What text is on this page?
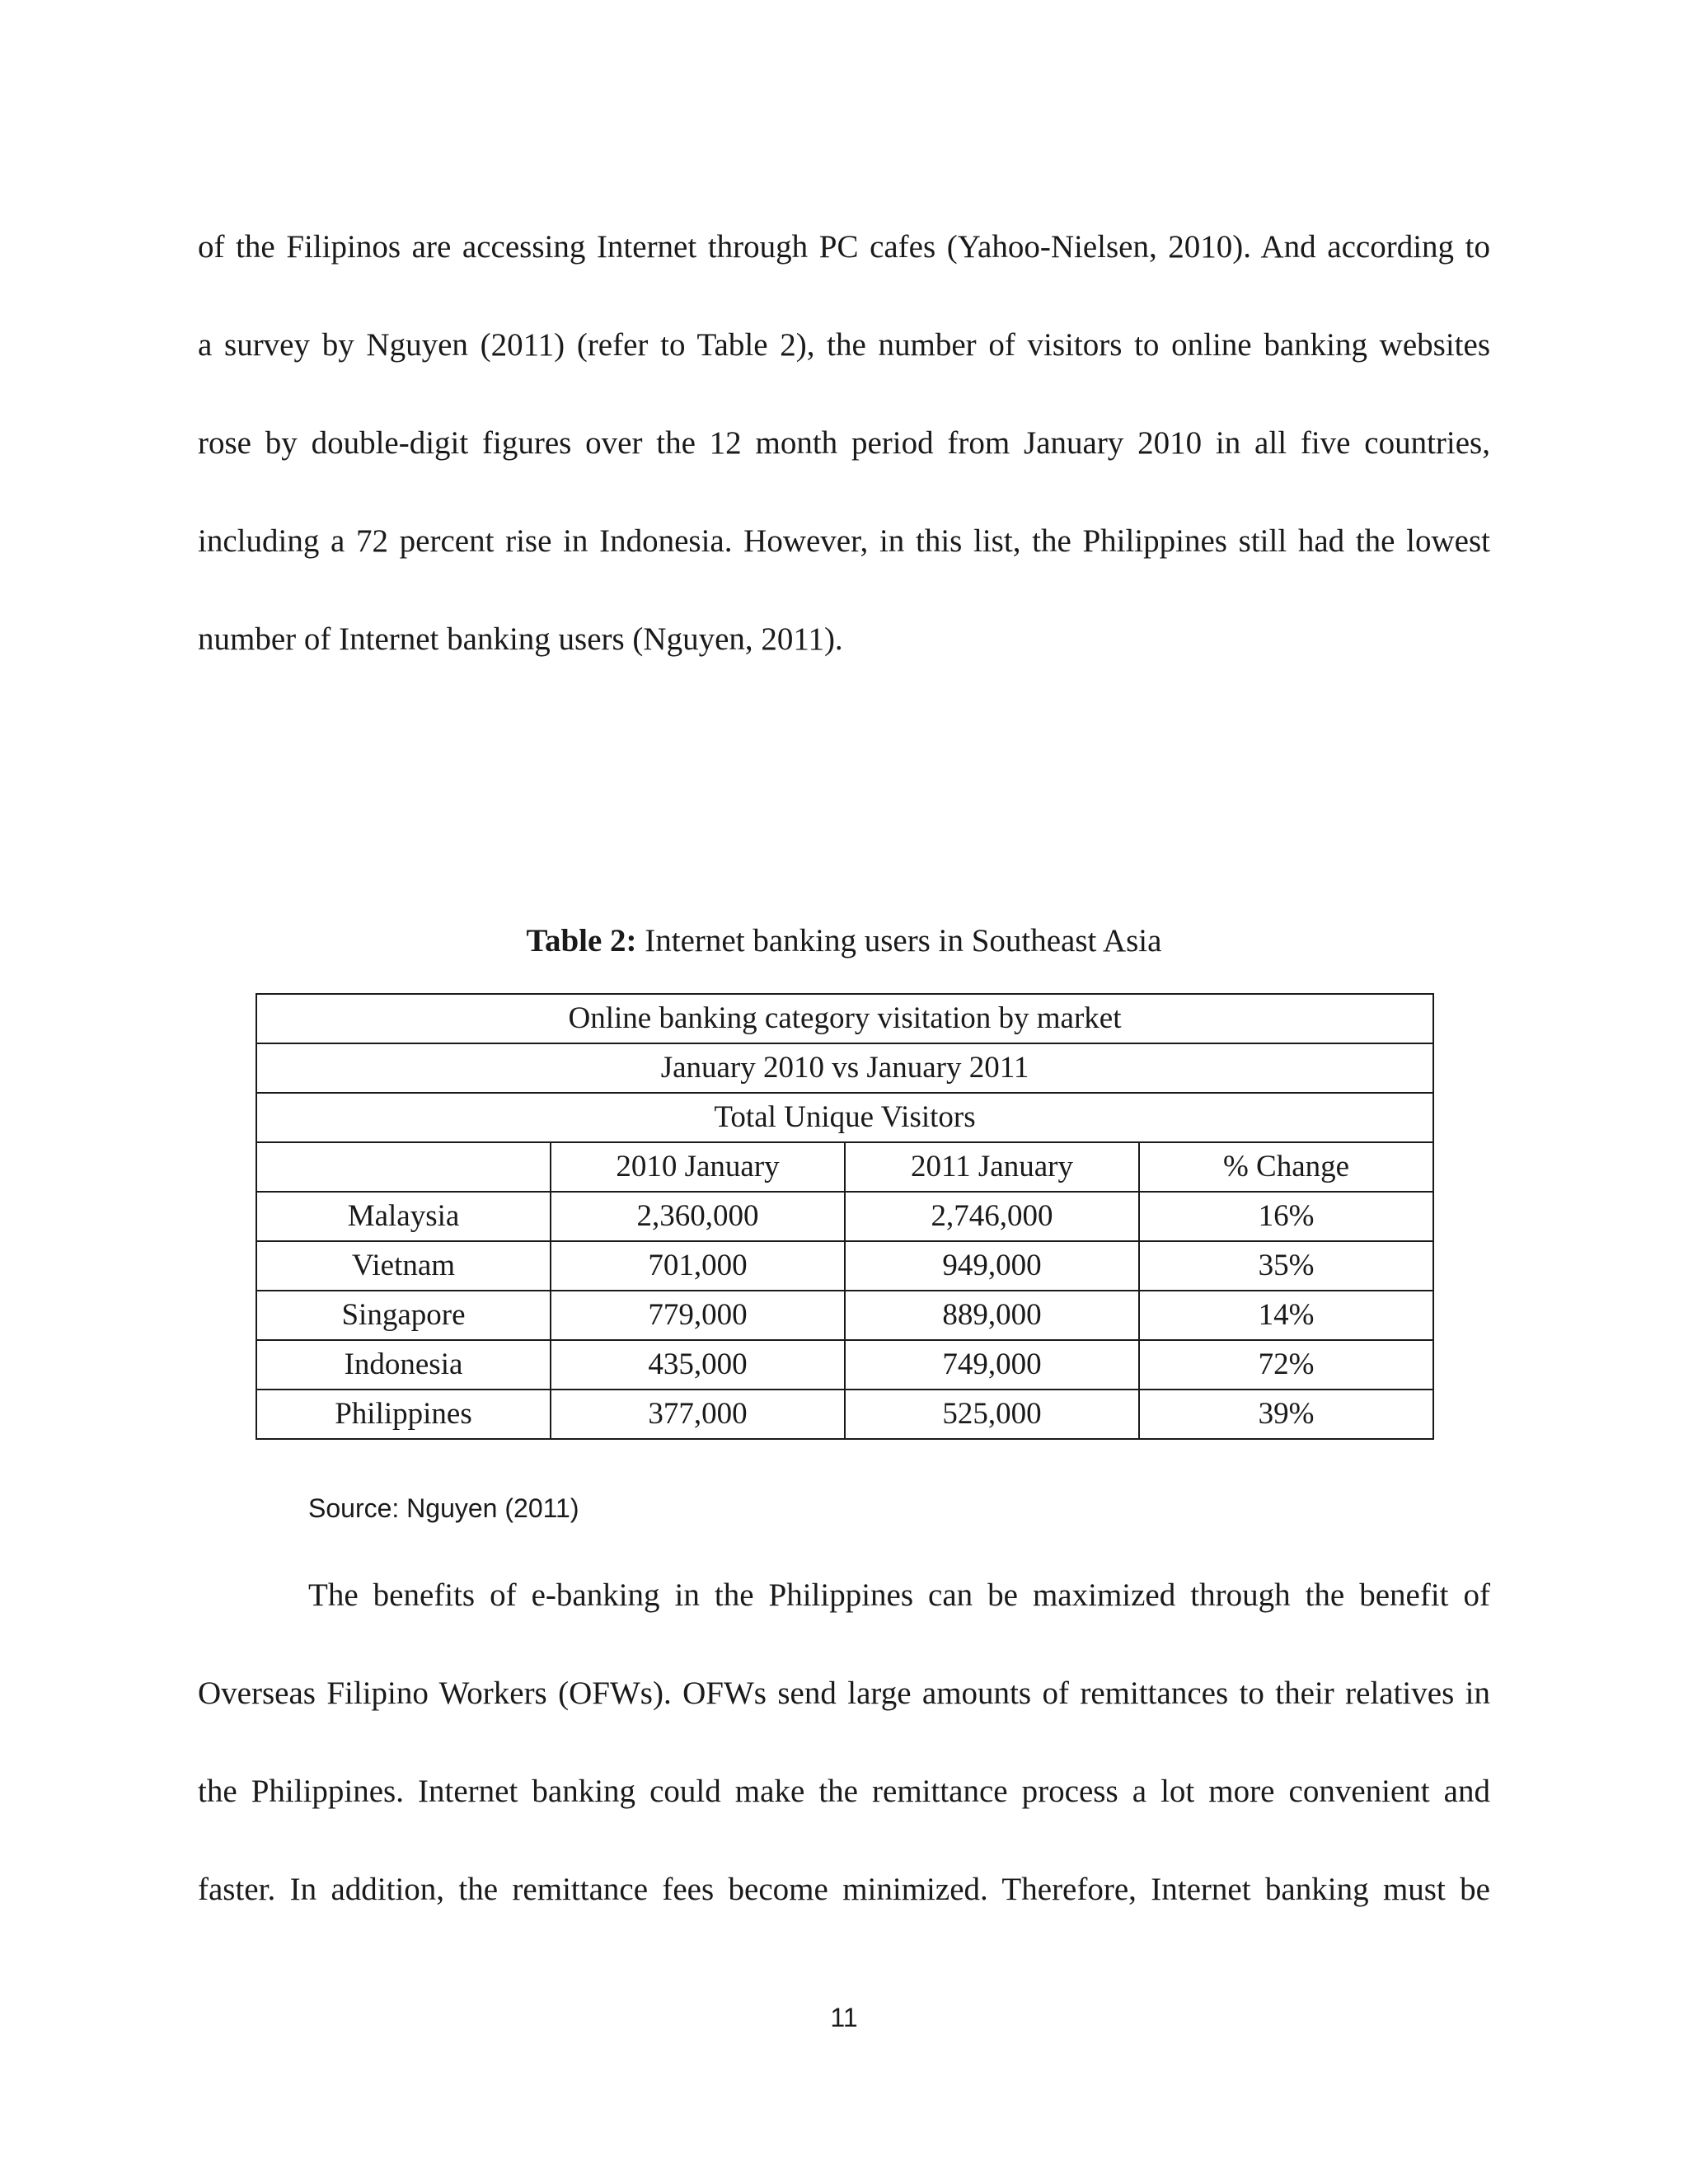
of the Filipinos are accessing Internet through PC cafes (Yahoo-Nielsen, 2010). And according to
a survey by Nguyen (2011) (refer to Table 2), the number of visitors to online banking websites
rose by double-digit figures over the 12 month period from January 2010 in all five countries,
including a 72 percent rise in Indonesia. However, in this list, the Philippines still had the lowest
number of Internet banking users (Nguyen, 2011).
Table 2: Internet banking users in Southeast Asia
Online banking category visitation by market			
January 2010 vs January 2011			
Total Unique Visitors			
	2010 January	2011 January	% Change
Malaysia	2,360,000	2,746,000	16%
Vietnam	701,000	949,000	35%
Singapore	779,000	889,000	14%
Indonesia	435,000	749,000	72%
Philippines	377,000	525,000	39%
Source: Nguyen (2011)
The benefits of e-banking in the Philippines can be maximized through the benefit of
Overseas Filipino Workers (OFWs). OFWs send large amounts of remittances to their relatives in
the Philippines. Internet banking could make the remittance process a lot more convenient and
faster. In addition, the remittance fees become minimized. Therefore, Internet banking must be
11
